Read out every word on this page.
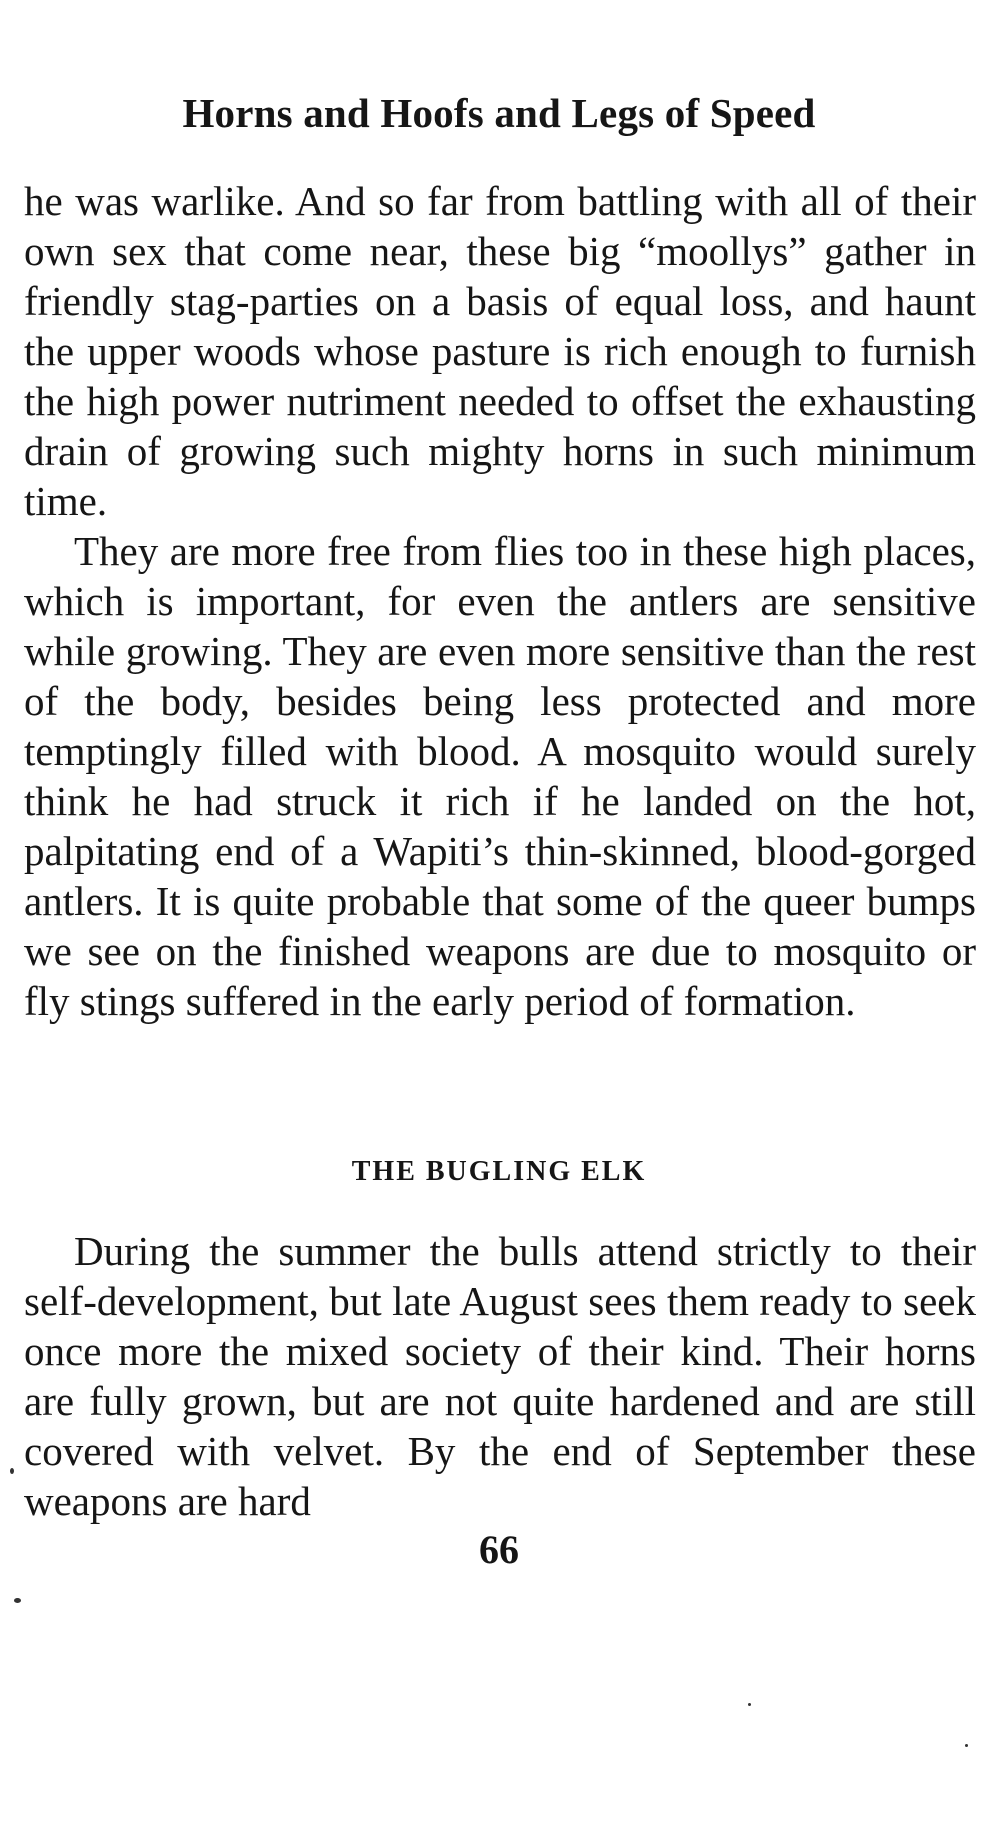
Horns and Hoofs and Legs of Speed

he was warlike. And so far from battling with all of their own sex that come near, these big “moollys” gather in friendly stag-parties on a basis of equal loss, and haunt the upper woods whose pasture is rich enough to furnish the high power nutriment needed to offset the exhausting drain of growing such mighty horns in such minimum time.

They are more free from flies too in these high places, which is important, for even the antlers are sensitive while growing. They are even more sensitive than the rest of the body, besides being less protected and more temptingly filled with blood. A mosquito would surely think he had struck it rich if he landed on the hot, palpitating end of a Wapiti’s thin-skinned, blood-gorged antlers. It is quite probable that some of the queer bumps we see on the finished weapons are due to mosquito or fly stings suffered in the early period of formation.

THE BUGLING ELK

During the summer the bulls attend strictly to their self-development, but late August sees them ready to seek once more the mixed society of their kind. Their horns are fully grown, but are not quite hardened and are still covered with velvet. By the end of September these weapons are hard

66
